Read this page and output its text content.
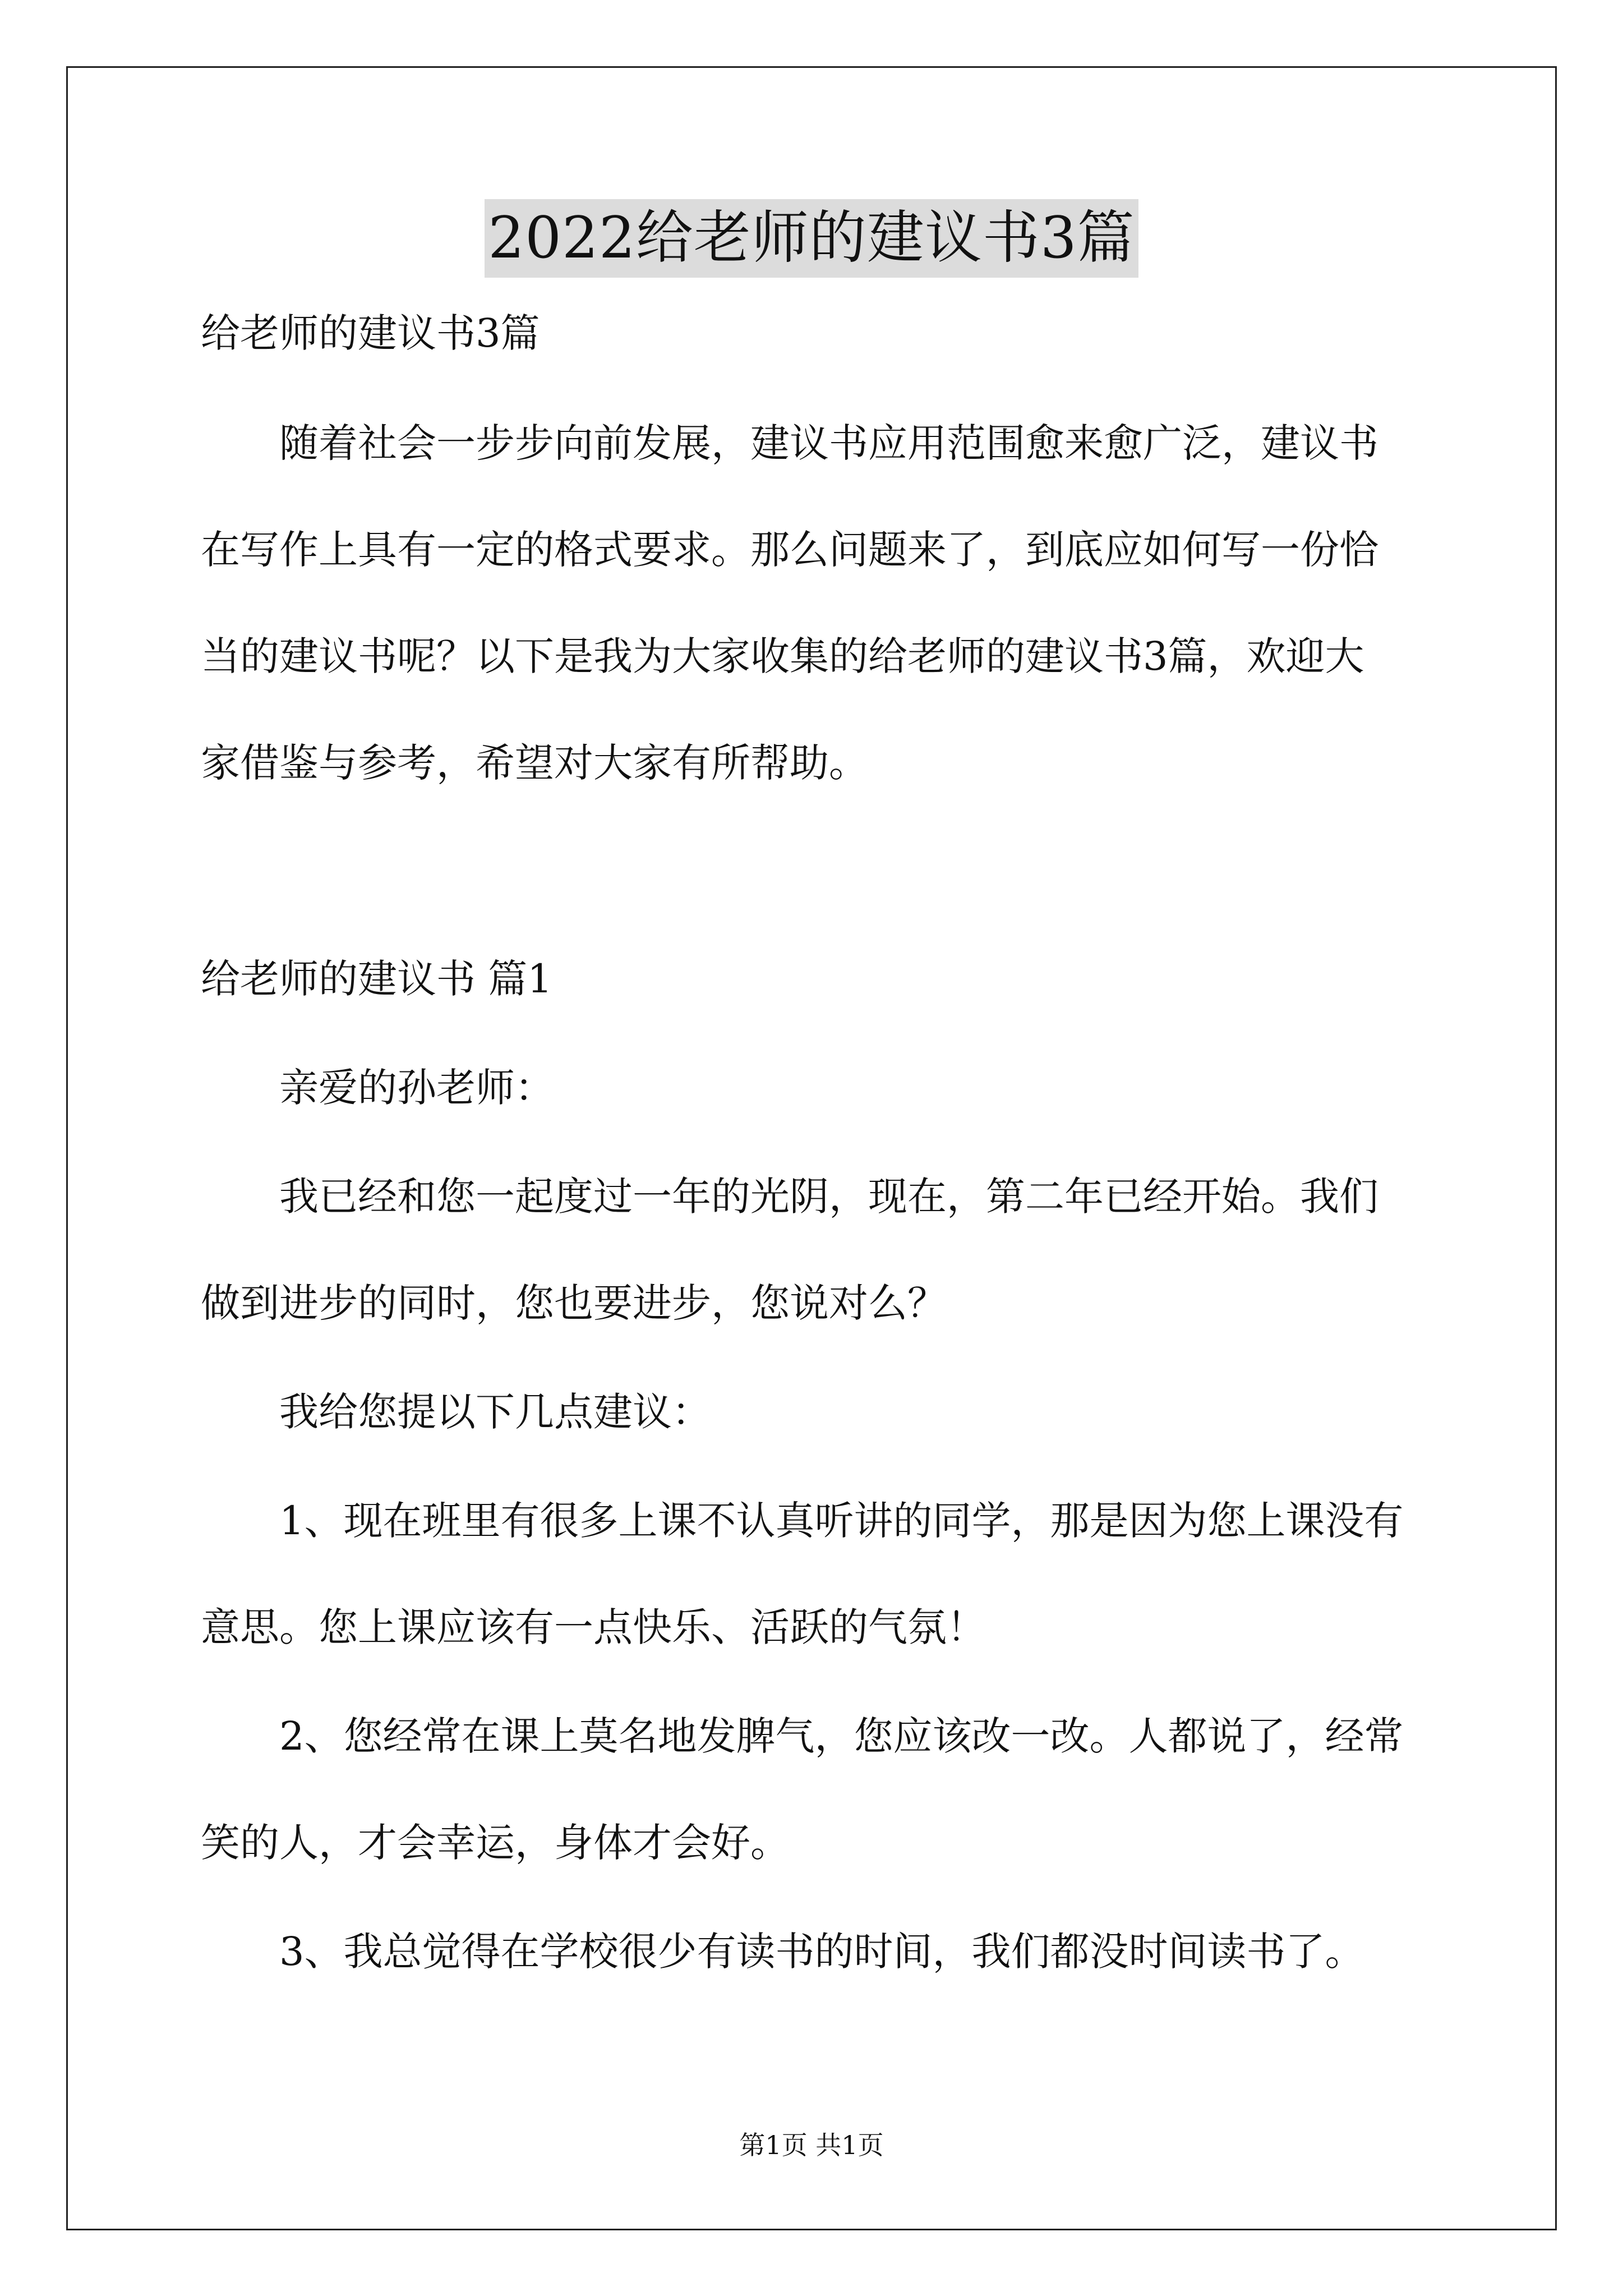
2022给老师的建议书3篇
给老师的建议书3篇
　　随着社会一步步向前发展，建议书应用范围愈来愈广泛，建议书
在写作上具有一定的格式要求。那么问题来了，到底应如何写一份恰
当的建议书呢？以下是我为大家收集的给老师的建议书3篇，欢迎大
家借鉴与参考，希望对大家有所帮助。
给老师的建议书 篇1
　　亲爱的孙老师：
　　我已经和您一起度过一年的光阴，现在，第二年已经开始。我们
做到进步的同时，您也要进步，您说对么？
　　我给您提以下几点建议：
　　1、现在班里有很多上课不认真听讲的同学，那是因为您上课没有
意思。您上课应该有一点快乐、活跃的气氛！
　　2、您经常在课上莫名地发脾气，您应该改一改。人都说了，经常
笑的人，才会幸运，身体才会好。
　　3、我总觉得在学校很少有读书的时间，我们都没时间读书了。
第1页 共1页
